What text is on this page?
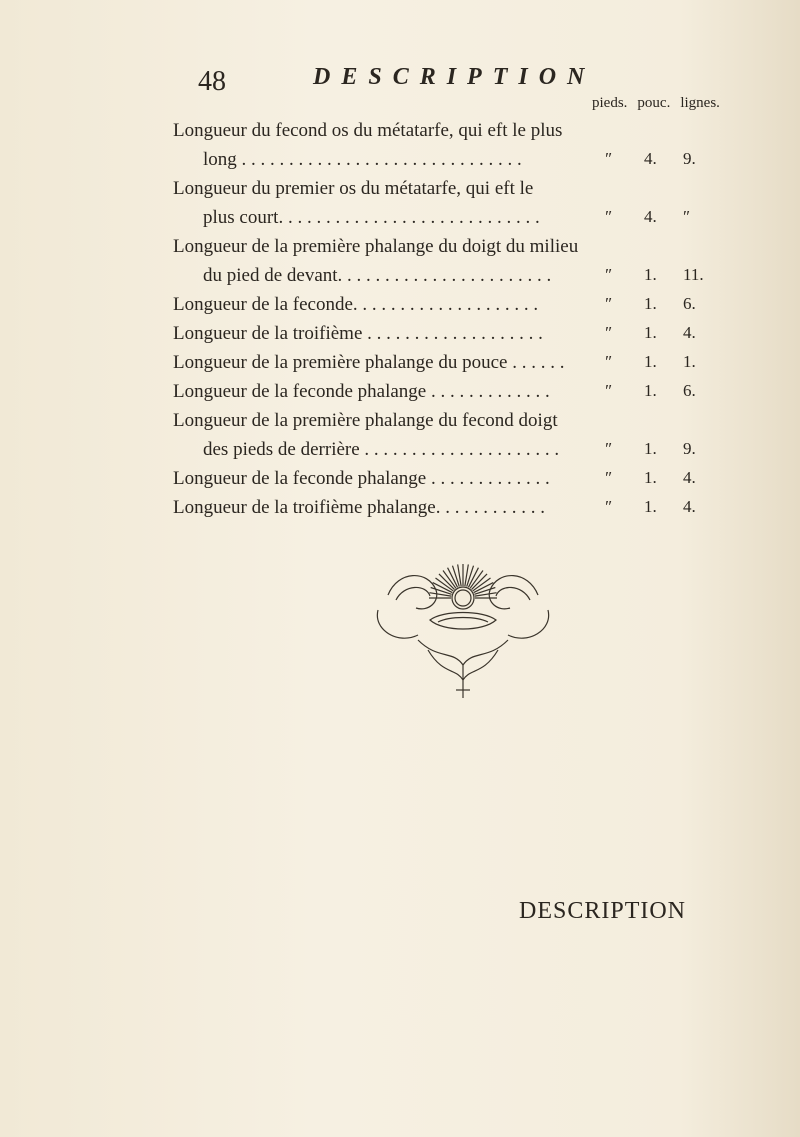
48	DESCRIPTION
pieds. pouc. lignes.
Longueur du fecond os du métatarfe, qui eft le plus
long . . . . . . . . . . . . . . . . . . . . . . . . . . . . . .
Longueur du premier os du métatarfe, qui eft le
plus court. . . . . . . . . . . . . . . . . . . . . . . . . . . .
Longueur de la première phalange du doigt du milieu
du pied de devant. . . . . . . . . . . . . . . . . . . . . . .
Longueur de la feconde. . . . . . . . . . . . . . . . . . . .
Longueur de la troifième . . . . . . . . . . . . . . . . . . .
Longueur de la première phalange du pouce . . . . . .
Longueur de la feconde phalange . . . . . . . . . . . . .
Longueur de la première phalange du fecond doigt
des pieds de derrière . . . . . . . . . . . . . . . . . . . . .
Longueur de la feconde phalange . . . . . . . . . . . . .
Longueur de la troifième phalange. . . . . . . . . . . .
″ 4. 9.
″ 4. ″
″ 1. 11.
″ 1. 6.
″ 1. 4.
″ 1. 1.
″ 1. 6.
″ 1. 9.
″ 1. 4.
″ 1. 4.
DESCRIPTION
